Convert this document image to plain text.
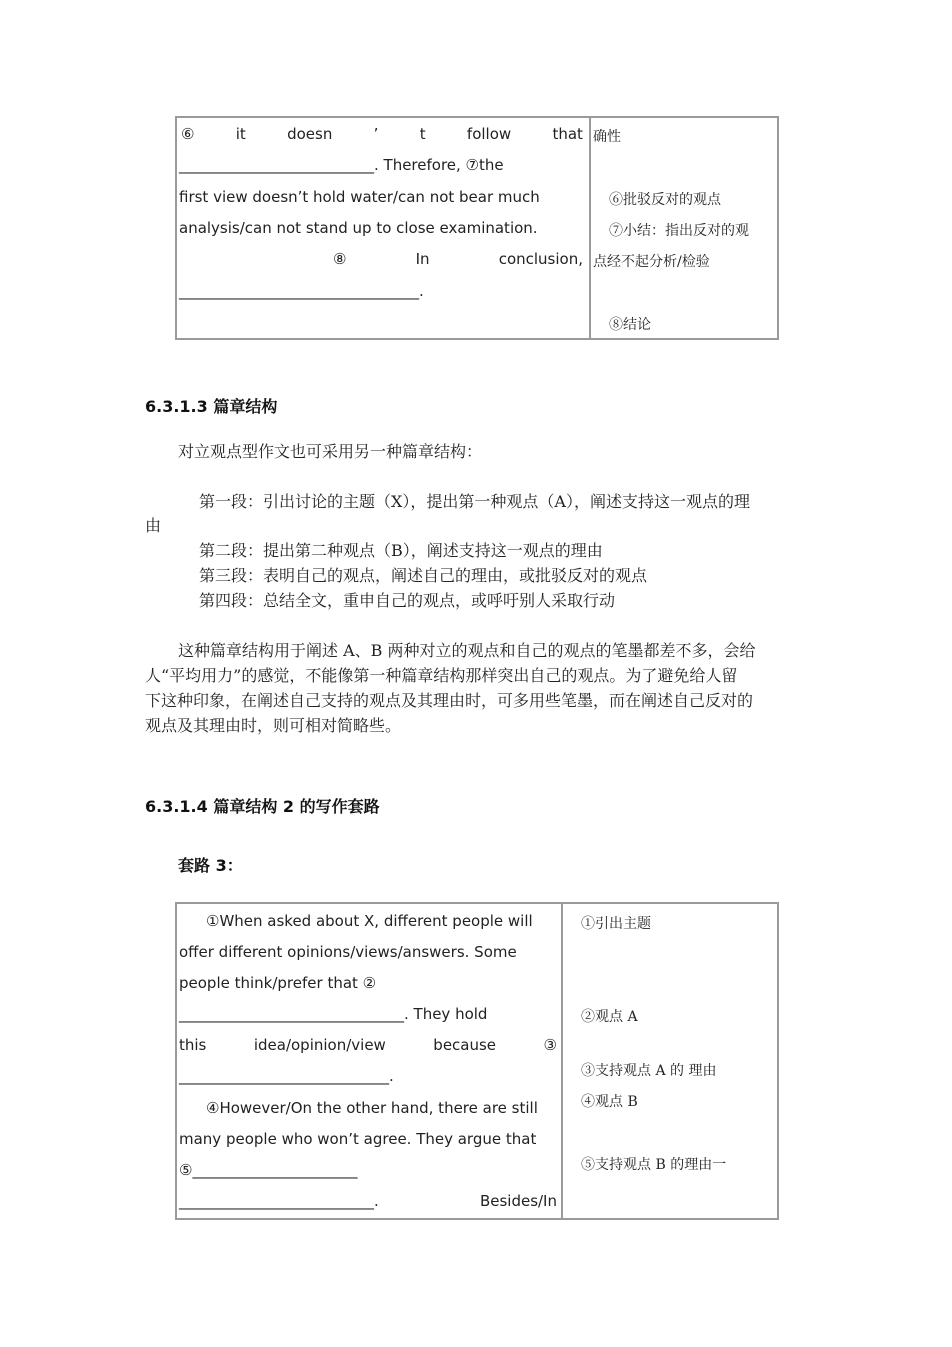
⑥	it	doesn	’	t	follow	that
__________________________. Therefore, ⑦the
first view doesn’t hold water/can not bear much
analysis/can not stand up to close examination.
⑧	In	conclusion,
________________________________.
确性
⑥批驳反对的观点
⑦小结：指出反对的观
点经不起分析/检验
⑧结论
6.3.1.3 篇章结构
对立观点型作文也可采用另一种篇章结构：
第一段：引出讨论的主题（X），提出第一种观点（A），阐述支持这一观点的理
由
第二段：提出第二种观点（B），阐述支持这一观点的理由
第三段：表明自己的观点，阐述自己的理由，或批驳反对的观点
第四段：总结全文，重申自己的观点，或呼吁别人采取行动
这种篇章结构用于阐述 A、B 两种对立的观点和自己的观点的笔墨都差不多，会给
人“平均用力”的感觉，不能像第一种篇章结构那样突出自己的观点。为了避免给人留
下这种印象，在阐述自己支持的观点及其理由时，可多用些笔墨，而在阐述自己反对的
观点及其理由时，则可相对简略些。
6.3.1.4 篇章结构 2 的写作套路
套路 3：
①When asked about X, different people will
offer different opinions/views/answers. Some
people think/prefer that ②
______________________________. They hold
this	idea/opinion/view	because	③
____________________________.
④However/On the other hand, there are still
many people who won’t agree. They argue that
⑤______________________
__________________________.	Besides/In
①引出主题
②观点 A
③支持观点 A 的 理由
④观点 B
⑤支持观点 B 的理由一
